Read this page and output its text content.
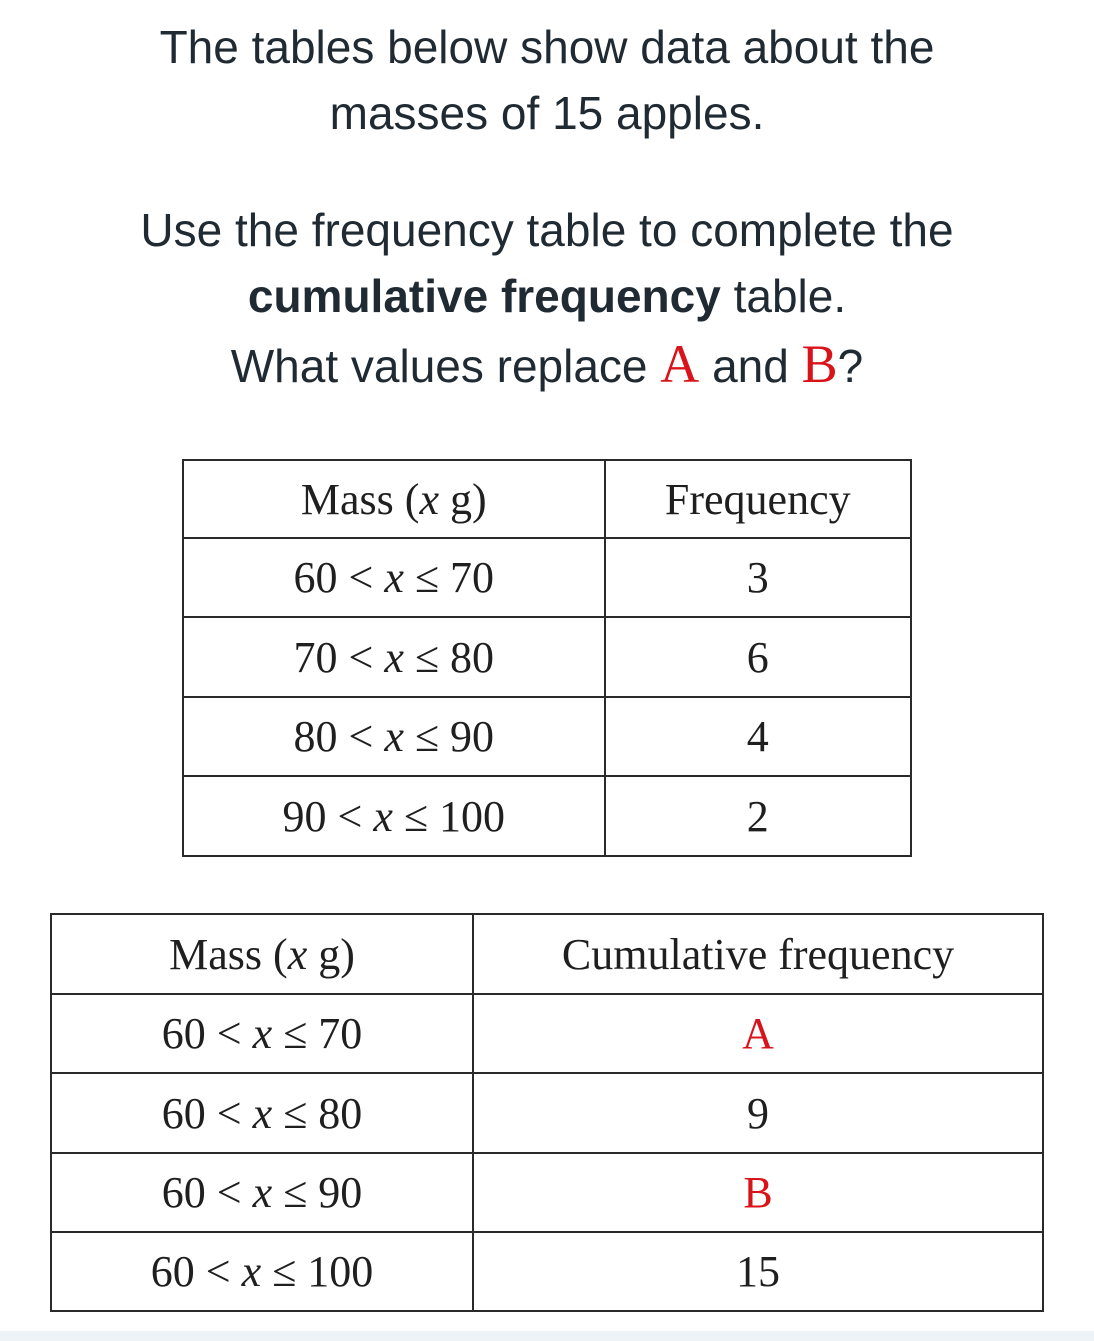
The tables below show data about the
masses of 15 apples.
Use the frequency table to complete the
cumulative frequency table.
What values replace A and B?
Mass (x g)	Frequency
60 < x ≤ 70	3
70 < x ≤ 80	6
80 < x ≤ 90	4
90 < x ≤ 100	2
Mass (x g)	Cumulative frequency
60 < x ≤ 70	A
60 < x ≤ 80	9
60 < x ≤ 90	B
60 < x ≤ 100	15
